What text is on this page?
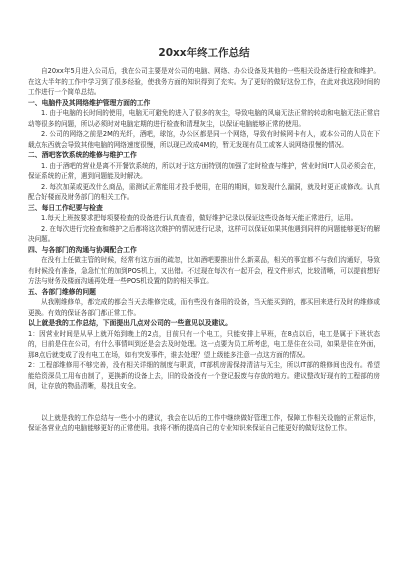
20xx年终工作总结

自20xx年5月进入公司后，我在公司主要是对公司的电脑、网络、办公设备及其他的一些相关设备进行检查和维护。在这大半年的工作中学习到了很多经验，使我务方面的知识得到了充实。为了更好的做好这份工作，在此对我这段时间的工作进行一个简单总结。

一、电脑件及其网络维护管理方面的工作

1. 由于电脑的长时间的使用，电脑无可避免的进入了很多的灰尘，导致电脑的风扇无法正常的转动和电脑无法正常启动等很多的问题，所以必须时对电脑定期的进行检查和清理灰尘，以保证电脑能够正常的使用。

2. 公司的网络之前是2M的光纤，酒吧，球馆，办公区都是同一个网络，导致有时候网卡有人，或本公司的人员在下载点东西就会导致其他电脑的网络速度很慢，所以现已改成4M的，暂无发现有员工或客人说网络很慢的情况。

二、酒吧客饮系统的维修与维护工作

1. 由于酒吧的营业是离不开餐饮系统的，所以对于这方面特别的加强了定时检查与维护，营业时间IT人员必须会在，保证系统的正常，遇到问题能及时解决。

2. 每次加菜或更改什么商品，需测试正常能用才投手使用，在用的期间，如发现什么漏洞，就及时更正或修改。认真配合好楼面及财务部门的相关工作。

三、每日工作纪要与检查

1.每天上班按要求把每项要检查的设备进行认真查看，做好维护记录以保证这些设备每天能正常进行，运用。

2. 在每次进行完检查和维护之后都将这次维护的情况进行记录，这样可以保证如果其他遇到同样的问题能够更好的解决问题。

四、与各部门的沟通与协调配合工作

在没有上任做主管的时候，经常有这方面的疏忽，比如酒吧要推出什么新菜品，相关的事宜都不与我们沟通好，导致有时候没有准备，急急忙忙的加到POS机上，又出错。不过现在每次有一起开会，程文件形式，比较清晰，可以提前想好方法与财务及楼面沟通再处理一些POS机设置的防的相关事宜。

五、各部门维修的问题

从我刚维修单，都完成的都会当天去维修完成，而有些没有备用的设备，当天能买到的，都买回来进行及时的维修或更换。有效的保证各部门都正常工作。

以上就是我的工作总结，下面提出几点对公司的一些意见以及建议。

1：因营业时间是从早上就开始到晚上的2点，目前只有一个电工，只能安排上早班，在8点以后，电工是属于下班状态的，目前是住在公司，有什么事情叫到还是会去及时处理。这一点要为员工所考虑，电工是住在公司，如果是住在外面，那8点后就变成了没有电工在场，如有突发事件，谁去处理？望上级能多注意一点这方面的情况。

2：工程部维修用不够完善，没有相关详细的制度与职责，IT部机房需保持清洁与无尘，所以IT部的维修间也没有。希望能给资深员工用布由制了，更换新的设备上去，旧的设备没有一个登记报废与存放的地方。建议整改好现有的工程部的房间，让存放的物品清晰，易找且安全。

以上就是我的工作总结与一些小小的建议，我会在以后的工作中继续做好管理工作，保障工作相关设施的正常运作，保证各营业点的电脑能够更好的正常使用。我将不断的提高自己的专业知识来保证自己能更好的做好这份工作。
